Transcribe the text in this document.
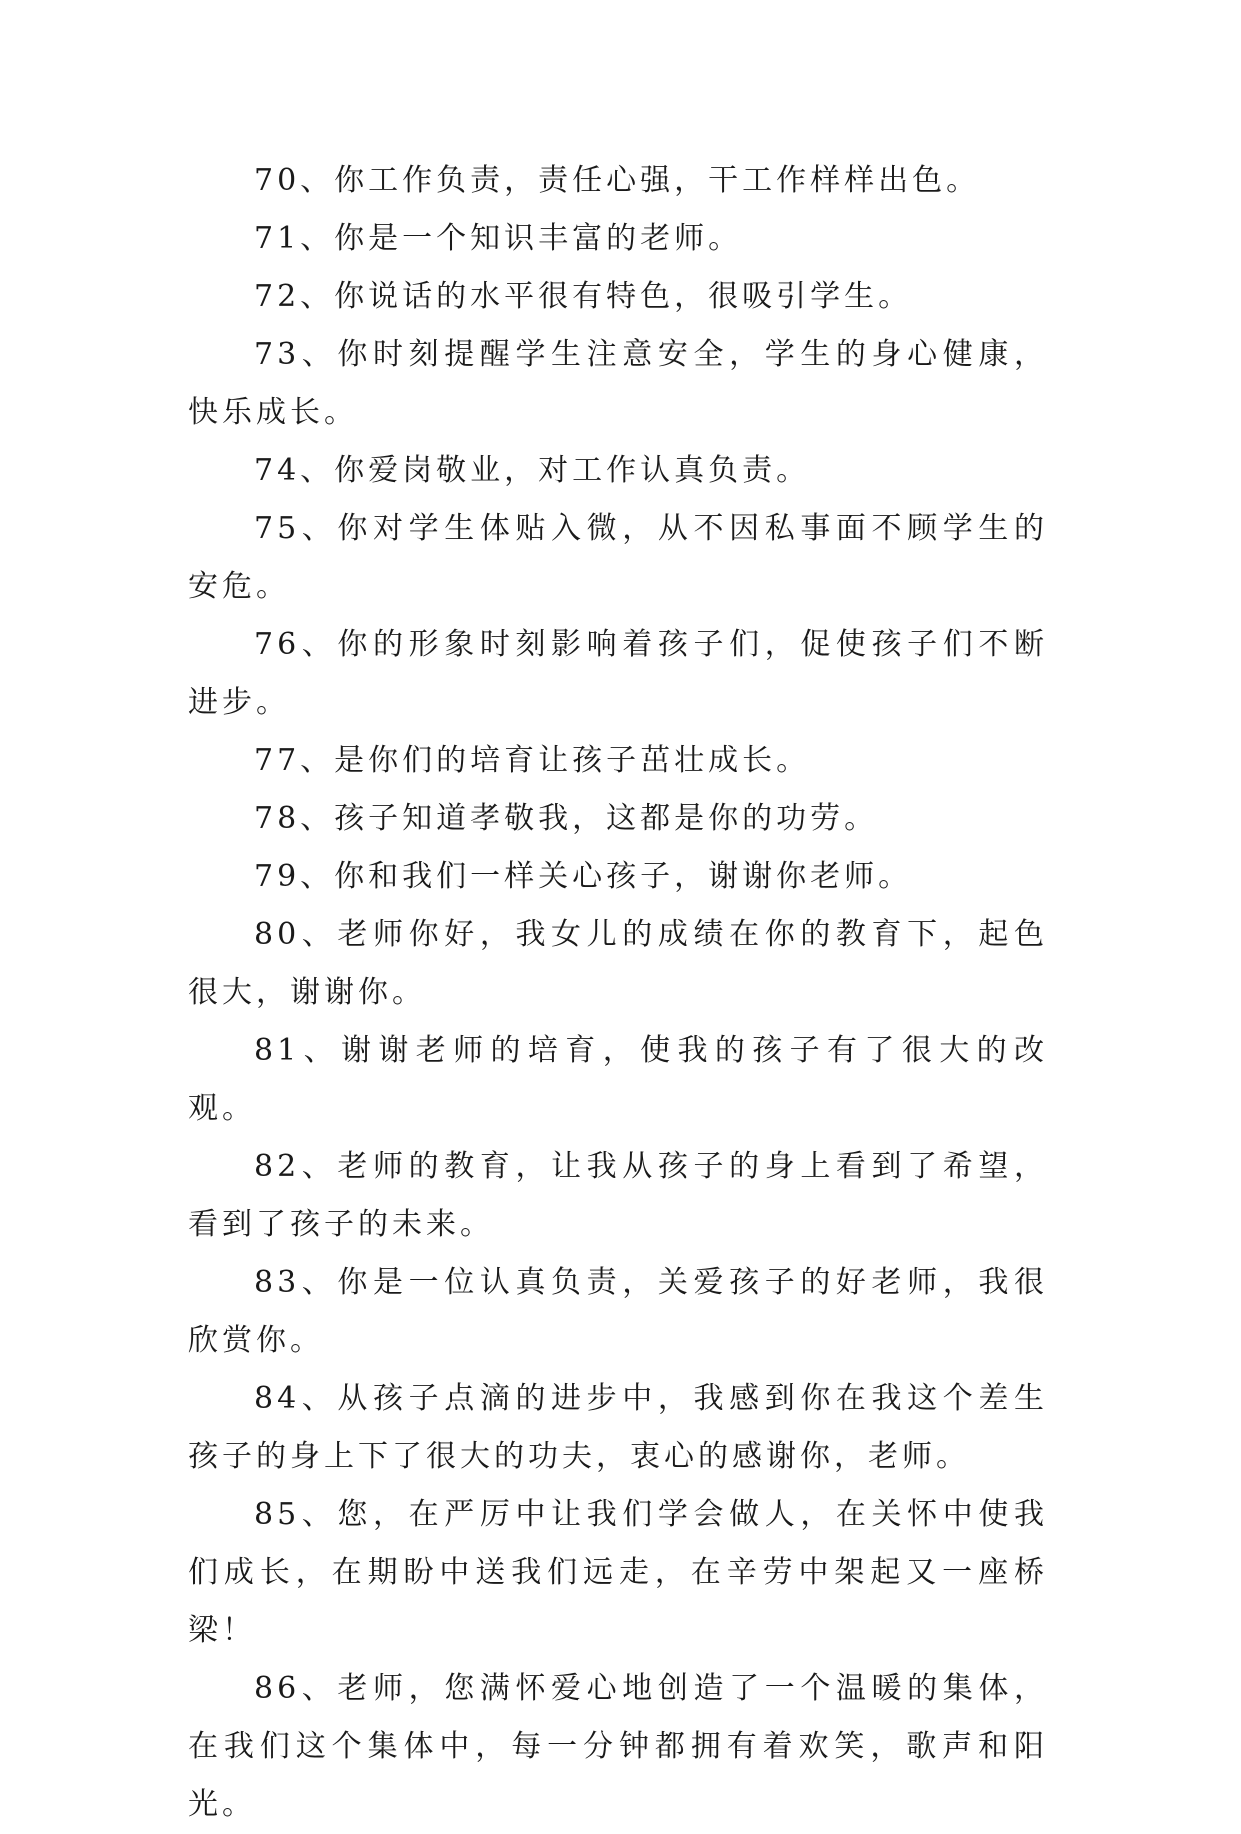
70、你工作负责，责任心强，干工作样样出色。

71、你是一个知识丰富的老师。

72、你说话的水平很有特色，很吸引学生。

73、你时刻提醒学生注意安全，学生的身心健康，快乐成长。

74、你爱岗敬业，对工作认真负责。

75、你对学生体贴入微，从不因私事面不顾学生的安危。

76、你的形象时刻影响着孩子们，促使孩子们不断进步。

77、是你们的培育让孩子茁壮成长。

78、孩子知道孝敬我，这都是你的功劳。

79、你和我们一样关心孩子，谢谢你老师。

80、老师你好，我女儿的成绩在你的教育下，起色很大，谢谢你。

81、谢谢老师的培育，使我的孩子有了很大的改观。

82、老师的教育，让我从孩子的身上看到了希望，看到了孩子的未来。

83、你是一位认真负责，关爱孩子的好老师，我很欣赏你。

84、从孩子点滴的进步中，我感到你在我这个差生孩子的身上下了很大的功夫，衷心的感谢你，老师。

85、您，在严厉中让我们学会做人，在关怀中使我们成长，在期盼中送我们远走，在辛劳中架起又一座桥梁！

86、老师，您满怀爱心地创造了一个温暖的集体，在我们这个集体中，每一分钟都拥有着欢笑，歌声和阳光。
